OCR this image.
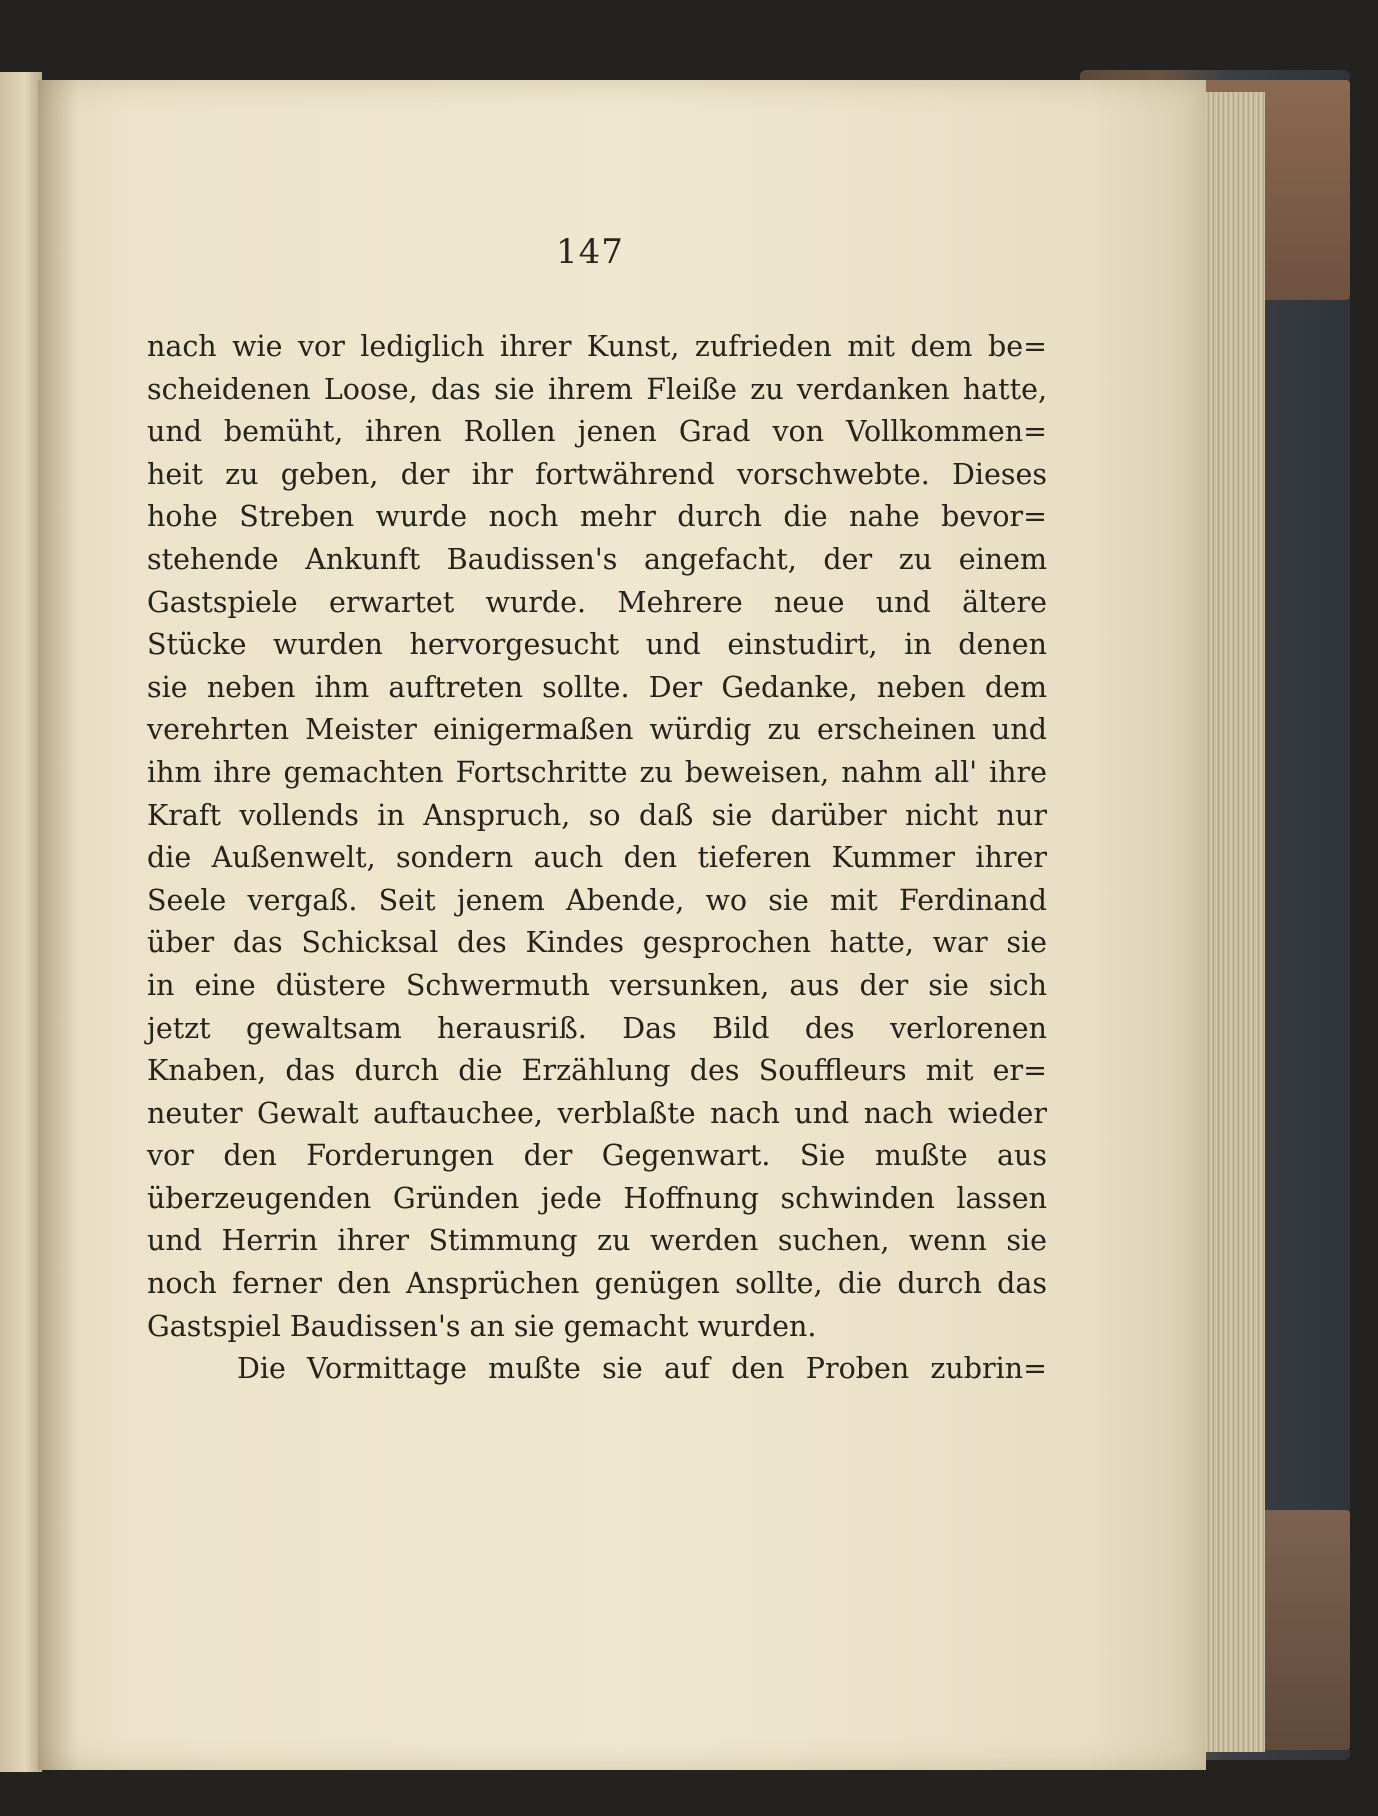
147
nach wie vor lediglich ihrer Kunst, zufrieden mit dem be=
scheidenen Loose, das sie ihrem Fleiße zu verdanken hatte,
und bemüht, ihren Rollen jenen Grad von Vollkommen=
heit zu geben, der ihr fortwährend vorschwebte. Dieses
hohe Streben wurde noch mehr durch die nahe bevor=
stehende Ankunft Baudissen's angefacht, der zu einem
Gastspiele erwartet wurde. Mehrere neue und ältere
Stücke wurden hervorgesucht und einstudirt, in denen
sie neben ihm auftreten sollte. Der Gedanke, neben dem
verehrten Meister einigermaßen würdig zu erscheinen und
ihm ihre gemachten Fortschritte zu beweisen, nahm all' ihre
Kraft vollends in Anspruch, so daß sie darüber nicht nur
die Außenwelt, sondern auch den tieferen Kummer ihrer
Seele vergaß. Seit jenem Abende, wo sie mit Ferdinand
über das Schicksal des Kindes gesprochen hatte, war sie
in eine düstere Schwermuth versunken, aus der sie sich
jetzt gewaltsam herausriß. Das Bild des verlorenen
Knaben, das durch die Erzählung des Souffleurs mit er=
neuter Gewalt auftauchee, verblaßte nach und nach wieder
vor den Forderungen der Gegenwart. Sie mußte aus
überzeugenden Gründen jede Hoffnung schwinden lassen
und Herrin ihrer Stimmung zu werden suchen, wenn sie
noch ferner den Ansprüchen genügen sollte, die durch das
Gastspiel Baudissen's an sie gemacht wurden.
Die Vormittage mußte sie auf den Proben zubrin=
